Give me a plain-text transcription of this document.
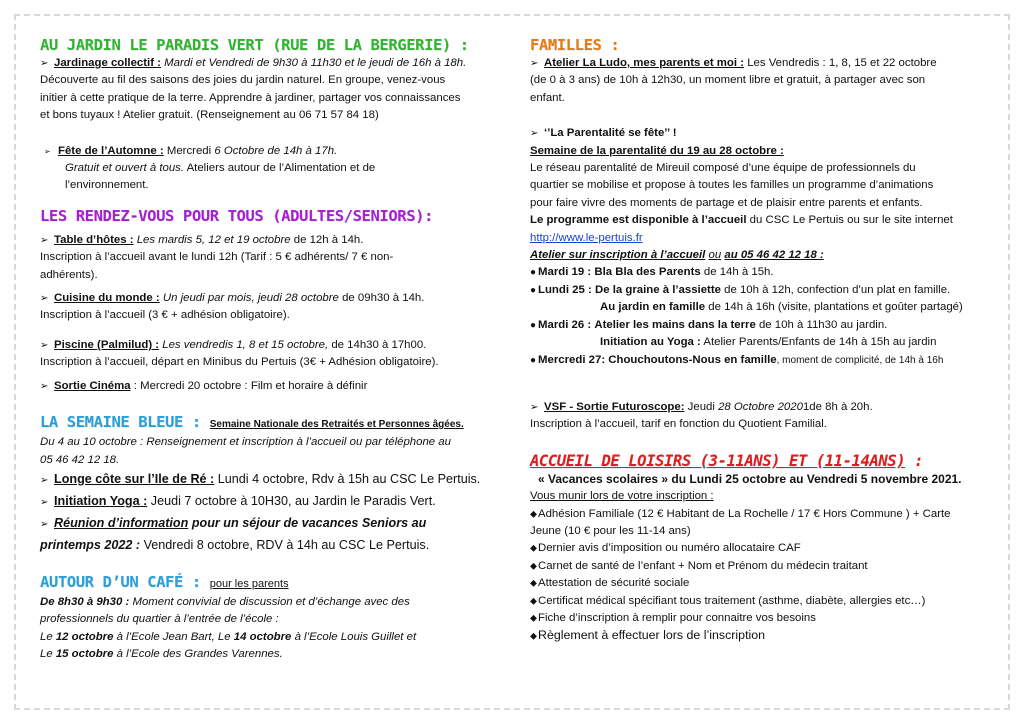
AU JARDIN LE PARADIS VERT (RUE DE LA BERGERIE) :
➢ Jardinage collectif : Mardi et Vendredi de 9h30 à 11h30 et le jeudi de 16h à 18h.
Découverte au fil des saisons des joies du jardin naturel. En groupe, venez-vous
initier à cette pratique de la terre. Apprendre à jardiner, partager vos connaissances
et bons tuyaux ! Atelier gratuit. (Renseignement au 06 71 57 84 18)
➢ Fête de l’Automne : Mercredi 6 Octobre de 14h à 17h.
Gratuit et ouvert à tous. Ateliers autour de l’Alimentation et de
l’environnement.
LES RENDEZ-VOUS POUR TOUS (ADULTES/SENIORS):
➢ Table d’hôtes : Les mardis 5, 12 et 19 octobre de 12h à 14h.
Inscription à l’accueil avant le lundi 12h (Tarif : 5 € adhérents/ 7 € non-
adhérents).
➢ Cuisine du monde : Un jeudi par mois, jeudi 28 octobre de 09h30 à 14h.
Inscription à l’accueil (3 € + adhésion obligatoire).
➢ Piscine (Palmilud) : Les vendredis 1, 8 et 15 octobre, de 14h30 à 17h00.
Inscription à l’accueil, départ en Minibus du Pertuis (3€ + Adhésion obligatoire).
➢ Sortie Cinéma : Mercredi 20 octobre : Film et horaire à définir
LA SEMAINE BLEUE : Semaine Nationale des Retraités et Personnes âgées.
Du 4 au 10 octobre : Renseignement et inscription à l’accueil ou par téléphone au
05 46 42 12 18.
➢ Longe côte sur l’Ile de Ré : Lundi 4 octobre, Rdv à 15h au CSC Le Pertuis.
➢ Initiation Yoga : Jeudi 7 octobre à 10H30, au Jardin le Paradis Vert.
➢ Réunion d’information pour un séjour de vacances Seniors au
printemps 2022 : Vendredi 8 octobre, RDV à 14h au CSC Le Pertuis.
AUTOUR D’UN CAFÉ : pour les parents
De 8h30 à 9h30 : Moment convivial de discussion et d’échange avec des
professionnels du quartier à l’entrée de l’école :
Le 12 octobre à l’Ecole Jean Bart, Le 14 octobre à l’Ecole Louis Guillet et
Le 15 octobre à l’Ecole des Grandes Varennes.
FAMILLES :
➢ Atelier La Ludo, mes parents et moi : Les Vendredis : 1, 8, 15 et 22 octobre
(de 0 à 3 ans) de 10h à 12h30, un moment libre et gratuit, à partager avec son
enfant.
➢ ‘’La Parentalité se fête’’ !
Semaine de la parentalité du 19 au 28 octobre :
Le réseau parentalité de Mireuil composé d’une équipe de professionnels du
quartier se mobilise et propose à toutes les familles un programme d’animations
pour faire vivre des moments de partage et de plaisir entre parents et enfants.
Le programme est disponible à l’accueil du CSC Le Pertuis ou sur le site internet
http://www.le-pertuis.fr
Atelier sur inscription à l’accueil ou au 05 46 42 12 18 :
● Mardi 19 : Bla Bla des Parents de 14h à 15h.
● Lundi 25 : De la graine à l’assiette de 10h à 12h, confection d’un plat en famille.
Au jardin en famille de 14h à 16h (visite, plantations et goûter partagé)
● Mardi 26 : Atelier les mains dans la terre de 10h à 11h30 au jardin.
Initiation au Yoga : Atelier Parents/Enfants de 14h à 15h au jardin
● Mercredi 27: Chouchoutons-Nous en famille, moment de complicité, de 14h à 16h
➢ VSF - Sortie Futuroscope: Jeudi 28 Octobre 20201de 8h à 20h.
Inscription à l’accueil, tarif en fonction du Quotient Familial.
ACCUEIL DE LOISIRS (3-11ANS) ET (11-14ANS) :
« Vacances scolaires » du Lundi 25 octobre au Vendredi 5 novembre 2021.
Vous munir lors de votre inscription :
⬥Adhésion Familiale (12 € Habitant de La Rochelle / 17 € Hors Commune ) + Carte
Jeune (10 € pour les 11-14 ans)
⬥Dernier avis d’imposition ou numéro allocataire CAF
⬥Carnet de santé de l’enfant + Nom et Prénom du médecin traitant
⬥Attestation de sécurité sociale
⬥Certificat médical spécifiant tous traitement (asthme, diabète, allergies etc…)
⬥Fiche d’inscription à remplir pour connaitre vos besoins
⬥Règlement à effectuer lors de l’inscription
